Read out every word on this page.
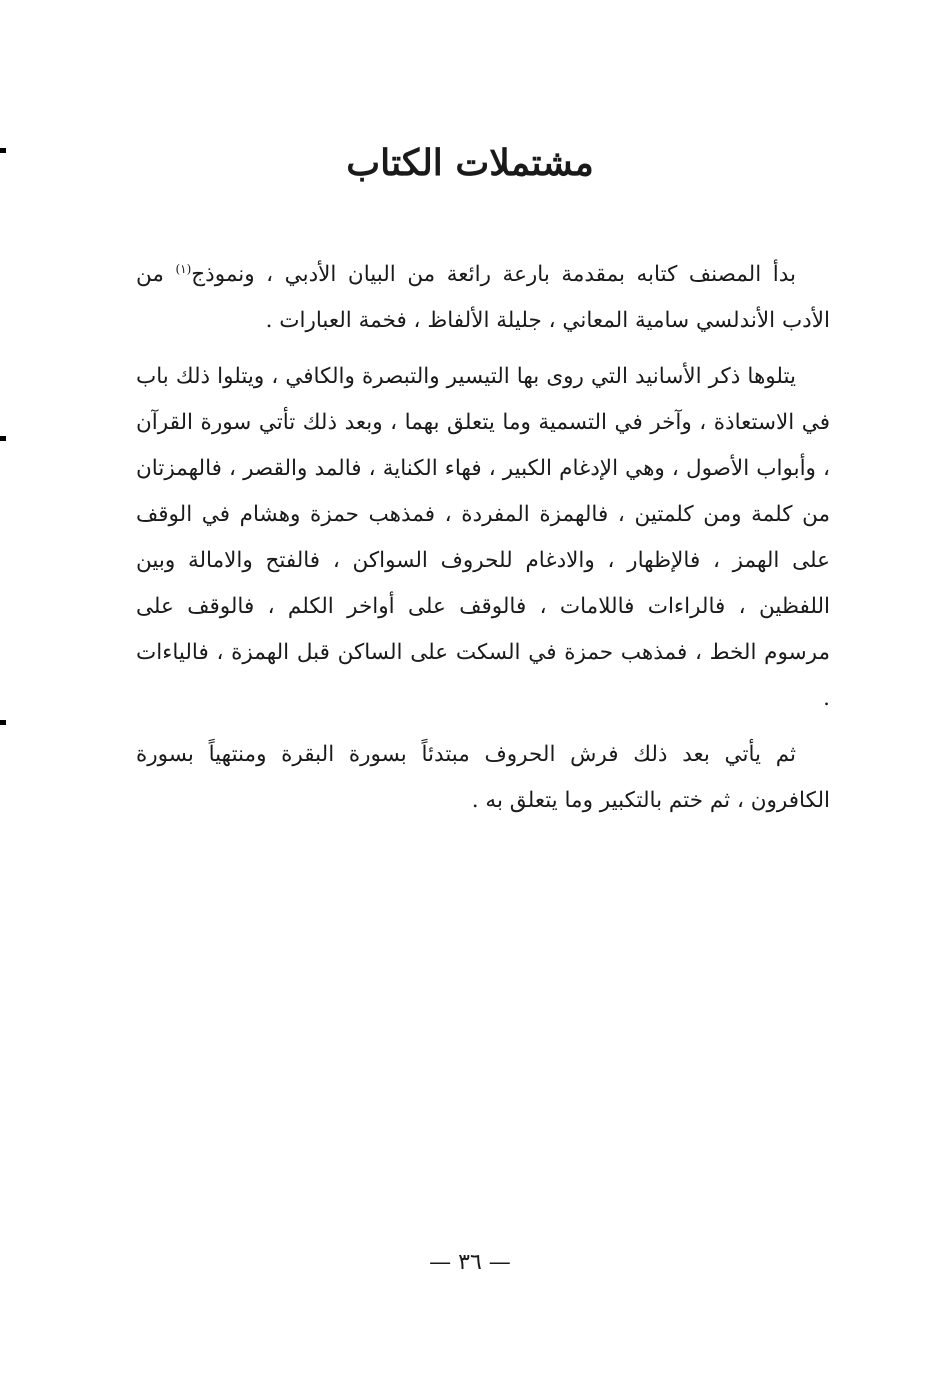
مشتملات الكتاب

بدأ المصنف كتابه بمقدمة بارعة رائعة من البيان الأدبي ، ونموذج$^{(١)}$ من الأدب الأندلسي سامية المعاني ، جليلة الألفاظ ، فخمة العبارات .

يتلوها ذكر الأسانيد التي روى بها التيسير والتبصرة والكافي ، ويتلوا ذلك باب في الاستعاذة ، وآخر في التسمية وما يتعلق بهما ، وبعد ذلك تأتي سورة القرآن ، وأبواب الأصول ، وهي الإدغام الكبير ، فهاء الكناية ، فالمد والقصر ، فالهمزتان من كلمة ومن كلمتين ، فالهمزة المفردة ، فمذهب حمزة وهشام في الوقف على الهمز ، فالإظهار ، والادغام للحروف السواكن ، فالفتح والامالة وبين اللفظين ، فالراءات فاللامات ، فالوقف على أواخر الكلم ، فالوقف على مرسوم الخط ، فمذهب حمزة في السكت على الساكن قبل الهمزة ، فالياءات .

ثم يأتي بعد ذلك فرش الحروف مبتدئاً بسورة البقرة ومنتهياً بسورة الكافرون ، ثم ختم بالتكبير وما يتعلق به .

— ٣٦ —
